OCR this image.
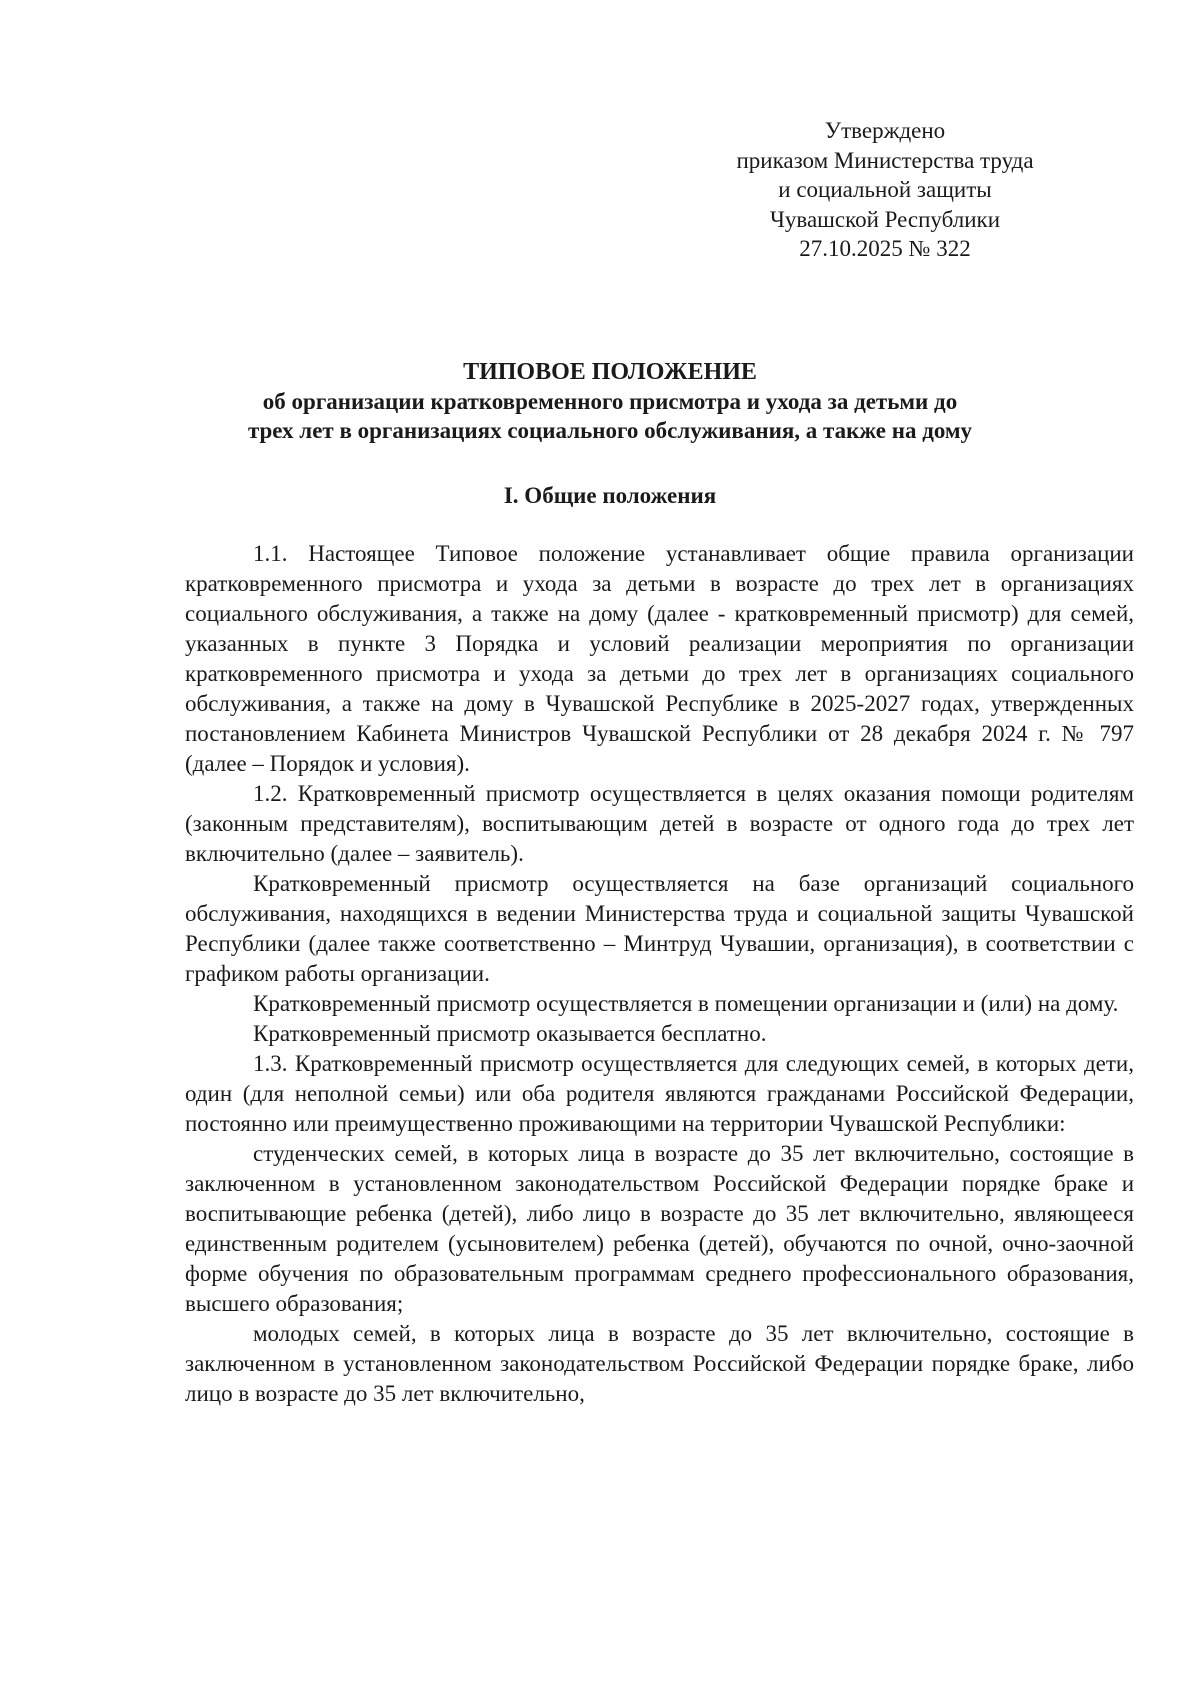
Утверждено
приказом Министерства труда
и социальной защиты
Чувашской Республики
27.10.2025 № 322
ТИПОВОЕ ПОЛОЖЕНИЕ
об организации кратковременного присмотра и ухода за детьми до
трех лет в организациях социального обслуживания, а также на дому
I. Общие положения

1.1. Настоящее Типовое положение устанавливает общие правила организации кратковременного присмотра и ухода за детьми в возрасте до трех лет в организациях социального обслуживания, а также на дому (далее - кратковременный присмотр) для семей, указанных в пункте 3 Порядка и условий реализации мероприятия по организации кратковременного присмотра и ухода за детьми до трех лет в организациях социального обслуживания, а также на дому в Чувашской Республике в 2025-2027 годах, утвержденных постановлением Кабинета Министров Чувашской Республики от 28 декабря 2024 г. № 797 (далее – Порядок и условия).

1.2. Кратковременный присмотр осуществляется в целях оказания помощи родителям (законным представителям), воспитывающим детей в возрасте от одного года до трех лет включительно (далее – заявитель).

Кратковременный присмотр осуществляется на базе организаций социального обслуживания, находящихся в ведении Министерства труда и социальной защиты Чувашской Республики (далее также соответственно – Минтруд Чувашии, организация), в соответствии с графиком работы организации.

Кратковременный присмотр осуществляется в помещении организации и (или) на дому.

Кратковременный присмотр оказывается бесплатно.

1.3. Кратковременный присмотр осуществляется для следующих семей, в которых дети, один (для неполной семьи) или оба родителя являются гражданами Российской Федерации, постоянно или преимущественно проживающими на территории Чувашской Республики:

студенческих семей, в которых лица в возрасте до 35 лет включительно, состоящие в заключенном в установленном законодательством Российской Федерации порядке браке и воспитывающие ребенка (детей), либо лицо в возрасте до 35 лет включительно, являющееся единственным родителем (усыновителем) ребенка (детей), обучаются по очной, очно-заочной форме обучения по образовательным программам среднего профессионального образования, высшего образования;

молодых семей, в которых лица в возрасте до 35 лет включительно, состоящие в заключенном в установленном законодательством Российской Федерации порядке браке, либо лицо в возрасте до 35 лет включительно,
